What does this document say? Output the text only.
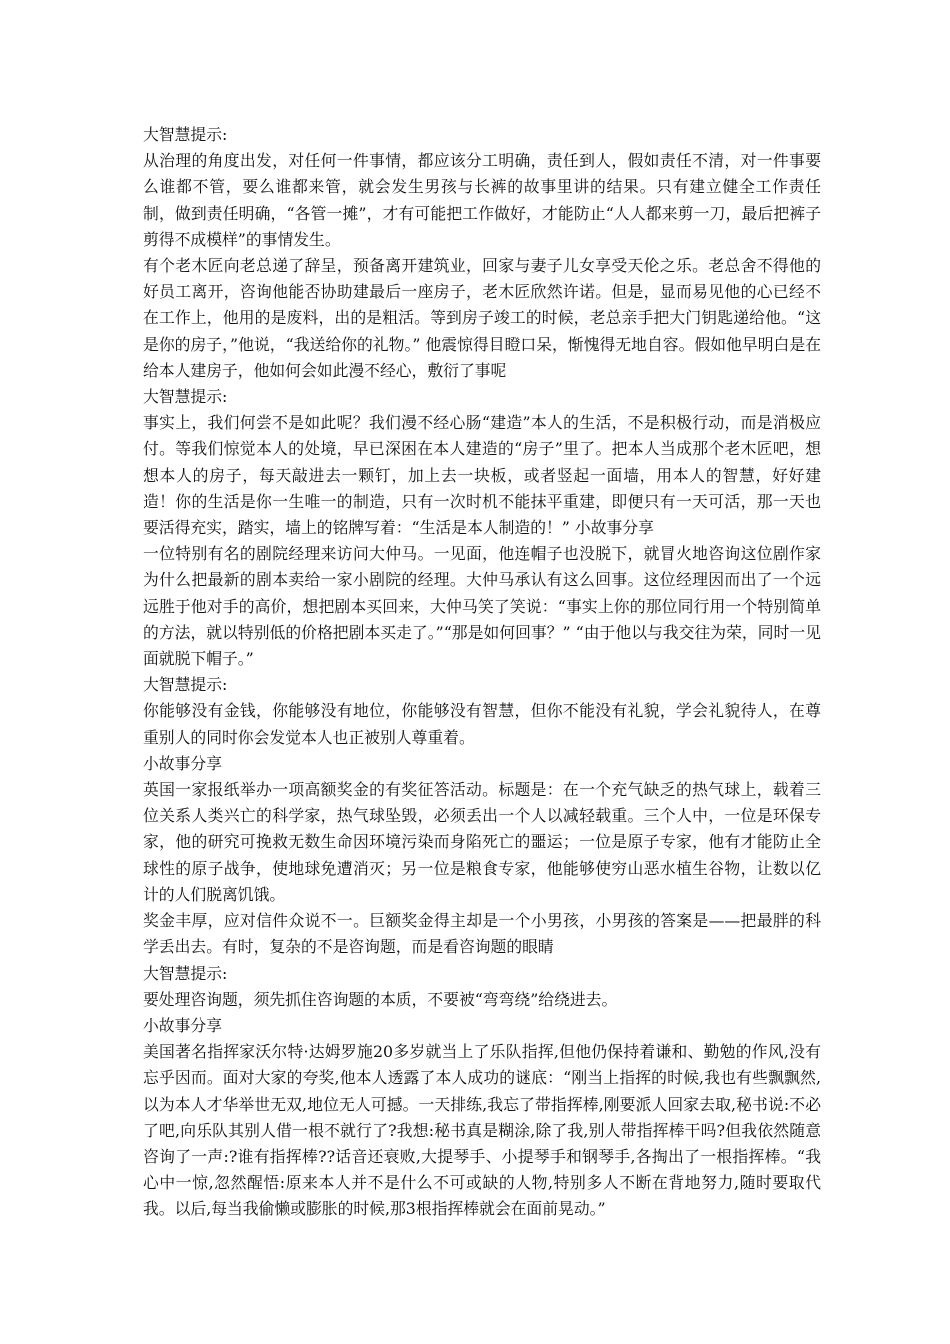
大智慧提示:

从治理的角度出发，对任何一件事情，都应该分工明确，责任到人，假如责任不清，对一件事要么谁都不管，要么谁都来管，就会发生男孩与长裤的故事里讲的结果。只有建立健全工作责任制，做到责任明确，“各管一摊”，才有可能把工作做好，才能防止“人人都来剪一刀，最后把裤子剪得不成模样”的事情发生。

有个老木匠向老总递了辞呈，预备离开建筑业，回家与妻子儿女享受天伦之乐。老总舍不得他的好员工离开，咨询他能否协助建最后一座房子，老木匠欣然许诺。但是，显而易见他的心已经不在工作上，他用的是废料，出的是粗活。等到房子竣工的时候，老总亲手把大门钥匙递给他。“这是你的房子，”他说，“我送给你的礼物。” 他震惊得目瞪口呆，惭愧得无地自容。假如他早明白是在给本人建房子，他如何会如此漫不经心，敷衍了事呢

大智慧提示:

事实上，我们何尝不是如此呢？我们漫不经心肠“建造”本人的生活，不是积极行动，而是消极应付。等我们惊觉本人的处境，早已深困在本人建造的“房子”里了。把本人当成那个老木匠吧，想想本人的房子，每天敲进去一颗钉，加上去一块板，或者竖起一面墙，用本人的智慧，好好建造！你的生活是你一生唯一的制造，只有一次时机不能抹平重建，即便只有一天可活，那一天也要活得充实，踏实，墙上的铭牌写着：“生活是本人制造的！” 小故事分享

一位特别有名的剧院经理来访问大仲马。一见面，他连帽子也没脱下，就冒火地咨询这位剧作家为什么把最新的剧本卖给一家小剧院的经理。大仲马承认有这么回事。这位经理因而出了一个远远胜于他对手的高价，想把剧本买回来，大仲马笑了笑说：“事实上你的那位同行用一个特别简单的方法，就以特别低的价格把剧本买走了。”“那是如何回事？” “由于他以与我交往为荣，同时一见面就脱下帽子。”

大智慧提示:

你能够没有金钱，你能够没有地位，你能够没有智慧，但你不能没有礼貌，学会礼貌待人，在尊重别人的同时你会发觉本人也正被别人尊重着。

小故事分享

英国一家报纸举办一项高额奖金的有奖征答活动。标题是：在一个充气缺乏的热气球上，载着三位关系人类兴亡的科学家，热气球坠毁，必须丢出一个人以减轻载重。三个人中，一位是环保专家，他的研究可挽救无数生命因环境污染而身陷死亡的噩运；一位是原子专家，他有才能防止全球性的原子战争，使地球免遭消灭；另一位是粮食专家，他能够使穷山恶水植生谷物，让数以亿计的人们脱离饥饿。

奖金丰厚，应对信件众说不一。巨额奖金得主却是一个小男孩，小男孩的答案是——把最胖的科学丢出去。有时，复杂的不是咨询题，而是看咨询题的眼睛

大智慧提示:

要处理咨询题，须先抓住咨询题的本质，不要被“弯弯绕”给绕进去。

小故事分享

美国著名指挥家沃尔特·达姆罗施20多岁就当上了乐队指挥,但他仍保持着谦和、勤勉的作风,没有忘乎因而。面对大家的夸奖,他本人透露了本人成功的谜底：“刚当上指挥的时候,我也有些飘飘然,以为本人才华举世无双,地位无人可撼。一天排练,我忘了带指挥棒,刚要派人回家去取,秘书说:不必了吧,向乐队其别人借一根不就行了?我想:秘书真是糊涂,除了我,别人带指挥棒干吗?但我依然随意咨询了一声:?谁有指挥棒??话音还衰败,大提琴手、小提琴手和钢琴手,各掏出了一根指挥棒。“我心中一惊,忽然醒悟:原来本人并不是什么不可或缺的人物,特别多人不断在背地努力,随时要取代我。以后,每当我偷懒或膨胀的时候,那3根指挥棒就会在面前晃动。”
